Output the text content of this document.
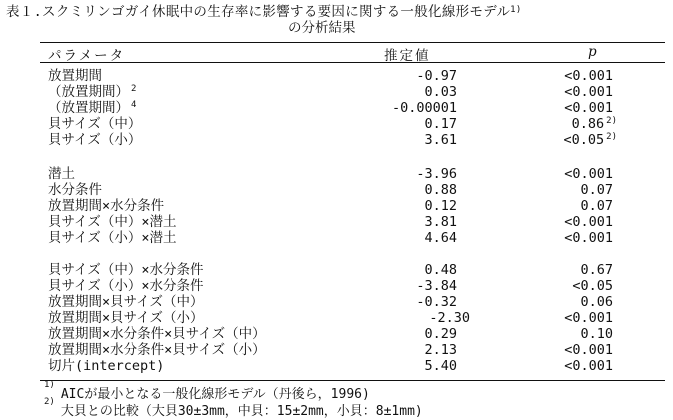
表１.スクミリンゴガイ休眠中の生存率に影響する要因に関する一般化線形モデル$^{1)}$
の分析結果
パラメータ	推定値	p
放置期間	-0.97	<0.001
（放置期間） $^2$	0.03	<0.001
（放置期間） $^4$	-0.00001	<0.001
貝サイズ（中）	0.17	0.86 $^{2)}$
貝サイズ（小）	3.61	<0.05 $^{2)}$
潜土	-3.96	<0.001
水分条件	0.88	0.07
放置期間×水分条件	0.12	0.07
貝サイズ（中）×潜土	3.81	<0.001
貝サイズ（小）×潜土	4.64	<0.001
貝サイズ（中）×水分条件	0.48	0.67
貝サイズ（小）×水分条件	-3.84	<0.05
放置期間×貝サイズ（中）	-0.32	0.06
放置期間×貝サイズ（小）	-2.30	<0.001
放置期間×水分条件×貝サイズ（中）	0.29	0.10
放置期間×水分条件×貝サイズ（小）	2.13	<0.001
切片(intercept)	5.40	<0.001
$^{1)}$AICが最小となる一般化線形モデル（丹後ら，1996)
$^{2)}$大貝との比較（大貝30±3mm，中貝：15±2mm，小貝：8±1mm)
